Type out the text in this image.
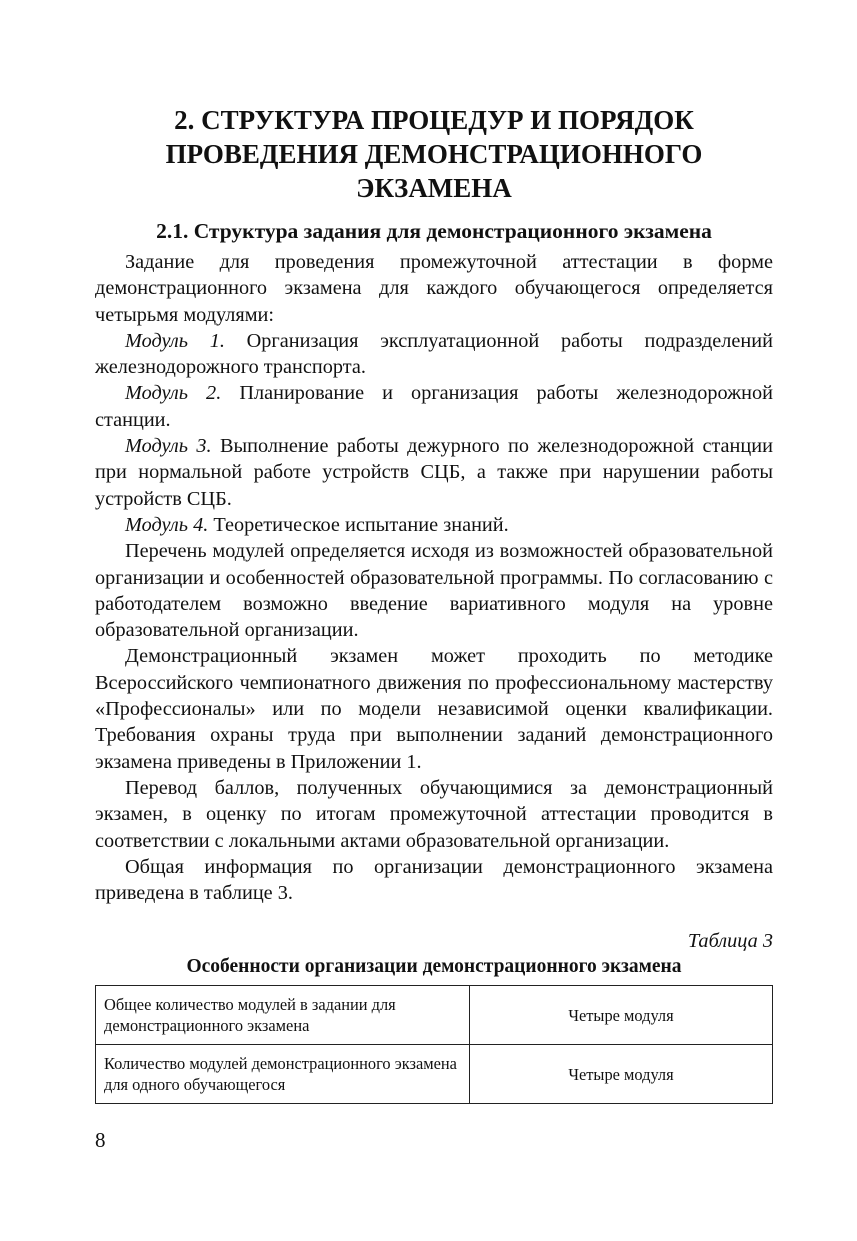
2. СТРУКТУРА ПРОЦЕДУР И ПОРЯДОК
ПРОВЕДЕНИЯ ДЕМОНСТРАЦИОННОГО
ЭКЗАМЕНА
2.1. Структура задания для демонстрационного экзамена

Задание для проведения промежуточной аттестации в форме демонстрационного экзамена для каждого обучающегося определяется четырьмя модулями:

Модуль 1. Организация эксплуатационной работы подразделений железнодорожного транспорта.

Модуль 2. Планирование и организация работы железнодорожной станции.

Модуль 3. Выполнение работы дежурного по железнодорожной станции при нормальной работе устройств СЦБ, а также при нарушении работы устройств СЦБ.

Модуль 4. Теоретическое испытание знаний.

Перечень модулей определяется исходя из возможностей образовательной организации и особенностей образовательной программы. По согласованию с работодателем возможно введение вариативного модуля на уровне образовательной организации.

Демонстрационный экзамен может проходить по методике Всероссийского чемпионатного движения по профессиональному мастерству «Профессионалы» или по модели независимой оценки квалификации. Требования охраны труда при выполнении заданий демонстрационного экзамена приведены в Приложении 1.

Перевод баллов, полученных обучающимися за демонстрационный экзамен, в оценку по итогам промежуточной аттестации проводится в соответствии с локальными актами образовательной организации.

Общая информация по организации демонстрационного экзамена приведена в таблице 3.

Таблица 3
Особенности организации демонстрационного экзамена
Общее количество модулей в задании для демонстрационного экзамена	Четыре модуля
Количество модулей демонстрационного экзамена для одного обучающегося	Четыре модуля
8
